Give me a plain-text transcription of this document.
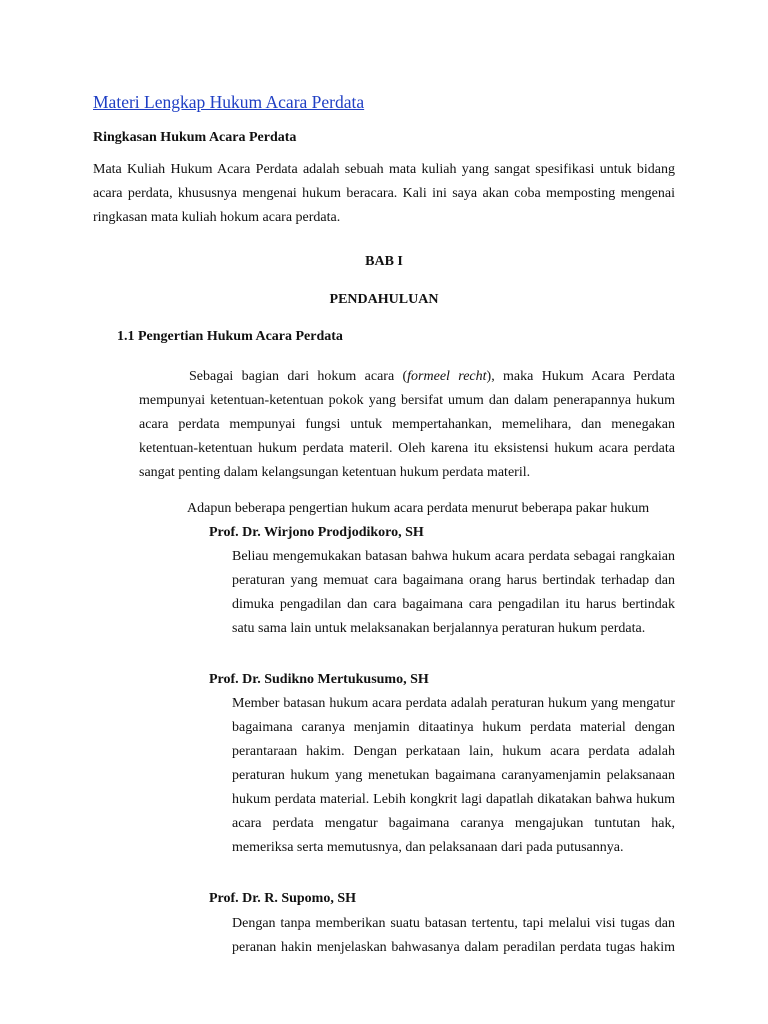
Materi Lengkap Hukum Acara Perdata
Ringkasan Hukum Acara Perdata

Mata Kuliah Hukum Acara Perdata adalah sebuah mata kuliah yang sangat spesifikasi untuk bidang acara perdata, khususnya mengenai hukum beracara. Kali ini saya akan coba memposting mengenai ringkasan mata kuliah hokum acara perdata.

BAB I
PENDAHULUAN
1.1 Pengertian Hukum Acara Perdata

Sebagai bagian dari hokum acara (formeel recht), maka Hukum Acara Perdata mempunyai ketentuan-ketentuan pokok yang bersifat umum dan dalam penerapannya hukum acara perdata mempunyai fungsi untuk mempertahankan, memelihara, dan menegakan ketentuan-ketentuan hukum perdata materil. Oleh karena itu eksistensi hukum acara perdata sangat penting dalam kelangsungan ketentuan hukum perdata materil.

Adapun beberapa pengertian hukum acara perdata menurut beberapa pakar hukum
Prof. Dr. Wirjono Prodjodikoro, SH

Beliau mengemukakan batasan bahwa hukum acara perdata sebagai rangkaian peraturan yang memuat cara bagaimana orang harus bertindak terhadap dan dimuka pengadilan dan cara bagaimana cara pengadilan itu harus bertindak satu sama lain untuk melaksanakan berjalannya peraturan hukum perdata.

Prof. Dr. Sudikno Mertukusumo, SH

Member batasan hukum acara perdata adalah peraturan hukum yang mengatur bagaimana caranya menjamin ditaatinya hukum perdata material dengan perantaraan hakim. Dengan perkataan lain, hukum acara perdata adalah peraturan hukum yang menetukan bagaimana caranyamenjamin pelaksanaan hukum perdata material. Lebih kongkrit lagi dapatlah dikatakan bahwa hukum acara perdata mengatur bagaimana caranya mengajukan tuntutan hak, memeriksa serta memutusnya, dan pelaksanaan dari pada putusannya.

Prof. Dr. R. Supomo, SH

Dengan tanpa memberikan suatu batasan tertentu, tapi melalui visi tugas dan peranan hakin menjelaskan bahwasanya dalam peradilan perdata tugas hakim
